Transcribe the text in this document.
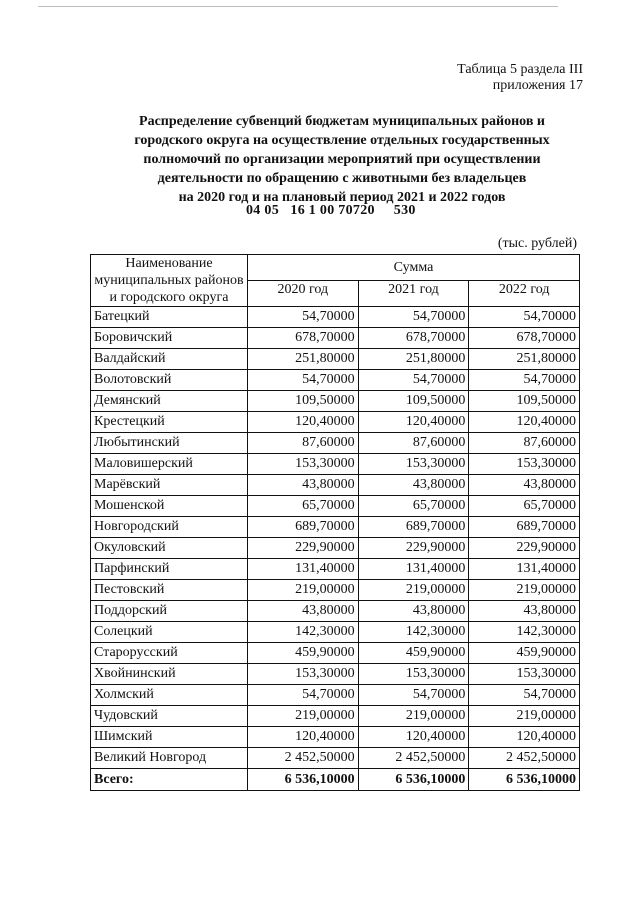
Таблица 5 раздела III
приложения 17
Распределение субвенций бюджетам муниципальных районов и
городского округа на осуществление отдельных государственных
полномочий по организации мероприятий при осуществлении
деятельности по обращению с животными без владельцев
на 2020 год и на плановый период 2021 и 2022 годов
04 05   16 1 00 70720     530
(тыс. рублей)
Наименование муниципальных районов и городского округа	Сумма		
	2020 год	2021 год	2022 год
Батецкий	54,70000	54,70000	54,70000
Боровичский	678,70000	678,70000	678,70000
Валдайский	251,80000	251,80000	251,80000
Волотовский	54,70000	54,70000	54,70000
Демянский	109,50000	109,50000	109,50000
Крестецкий	120,40000	120,40000	120,40000
Любытинский	87,60000	87,60000	87,60000
Маловишерский	153,30000	153,30000	153,30000
Марёвский	43,80000	43,80000	43,80000
Мошенской	65,70000	65,70000	65,70000
Новгородский	689,70000	689,70000	689,70000
Окуловский	229,90000	229,90000	229,90000
Парфинский	131,40000	131,40000	131,40000
Пестовский	219,00000	219,00000	219,00000
Поддорский	43,80000	43,80000	43,80000
Солецкий	142,30000	142,30000	142,30000
Старорусский	459,90000	459,90000	459,90000
Хвойнинский	153,30000	153,30000	153,30000
Холмский	54,70000	54,70000	54,70000
Чудовский	219,00000	219,00000	219,00000
Шимский	120,40000	120,40000	120,40000
Великий Новгород	2 452,50000	2 452,50000	2 452,50000
Всего:	6 536,10000	6 536,10000	6 536,10000
